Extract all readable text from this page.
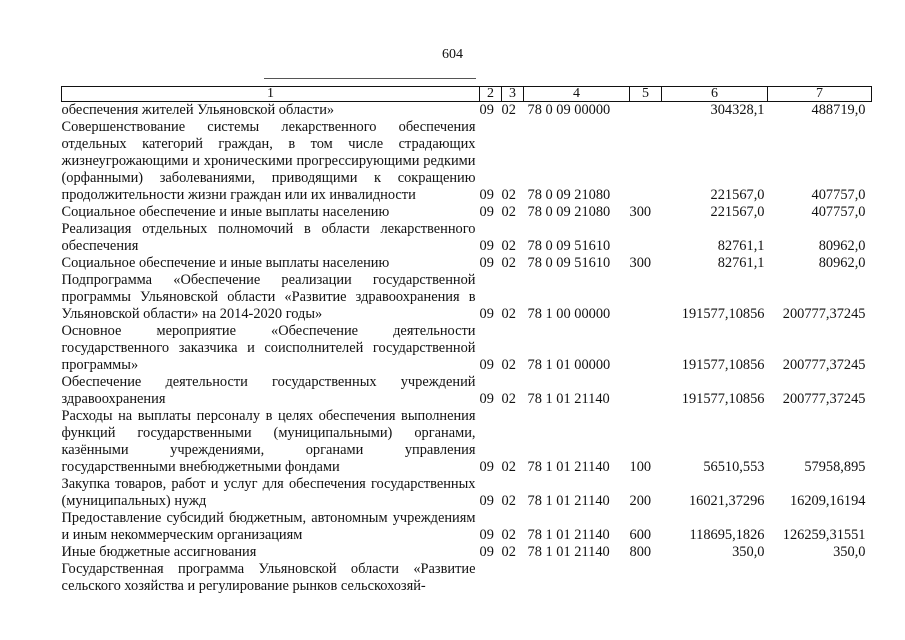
604
1	2	3	4	5	6	7
обеспечения жителей Ульяновской области»	09	02	78 0 09 00000		304328,1	488719,0
Совершенствование системы лекарственного обеспечения отдельных категорий граждан, в том числе страдающих жизнеугрожающими и хроническими прогрессирующими редкими (орфанными) заболеваниями, приводящими к сокращению продолжительности жизни граждан или их инвалидности	09	02	78 0 09 21080		221567,0	407757,0
Социальное обеспечение и иные выплаты населению	09	02	78 0 09 21080	300	221567,0	407757,0
Реализация отдельных полномочий в области лекарственного обеспечения	09	02	78 0 09 51610		82761,1	80962,0
Социальное обеспечение и иные выплаты населению	09	02	78 0 09 51610	300	82761,1	80962,0
Подпрограмма «Обеспечение реализации государственной программы Ульяновской области «Развитие здравоохранения в Ульяновской области» на 2014-2020 годы»	09	02	78 1 00 00000		191577,10856	200777,37245
Основное мероприятие «Обеспечение деятельности государственного заказчика и соисполнителей государственной программы»	09	02	78 1 01 00000		191577,10856	200777,37245
Обеспечение деятельности государственных учреждений здравоохранения	09	02	78 1 01 21140		191577,10856	200777,37245
Расходы на выплаты персоналу в целях обеспечения выполнения функций государственными (муниципальными) органами, казёнными учреждениями, органами управления государственными внебюджетными фондами	09	02	78 1 01 21140	100	56510,553	57958,895
Закупка товаров, работ и услуг для обеспечения государственных (муниципальных) нужд	09	02	78 1 01 21140	200	16021,37296	16209,16194
Предоставление субсидий бюджетным, автономным учреждениям и иным некоммерческим организациям	09	02	78 1 01 21140	600	118695,1826	126259,31551
Иные бюджетные ассигнования	09	02	78 1 01 21140	800	350,0	350,0
Государственная программа Ульяновской области «Развитие сельского хозяйства и регулирование рынков сельскохозяй-						
